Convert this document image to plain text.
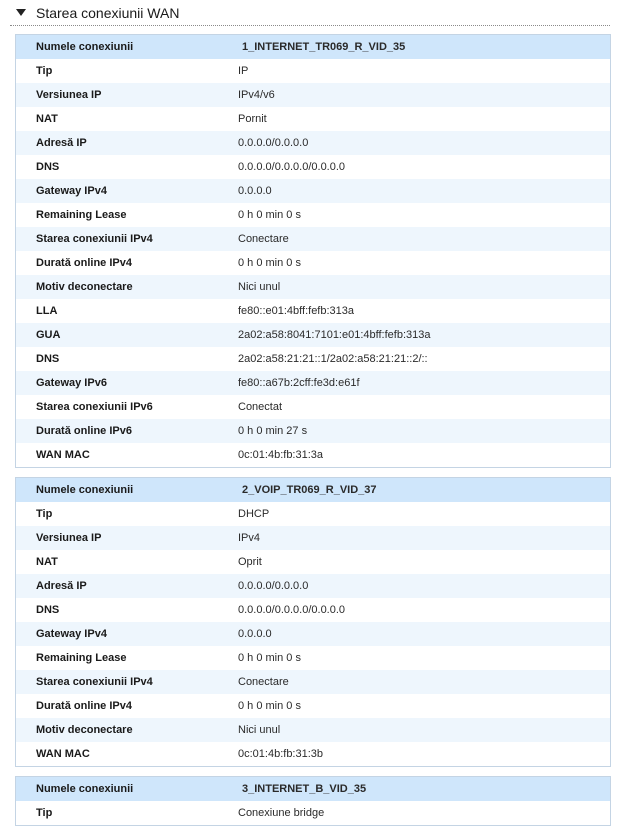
Starea conexiunii WAN
Numele conexiunii	1_INTERNET_TR069_R_VID_35
Tip	IP
Versiunea IP	IPv4/v6
NAT	Pornit
Adresă IP	0.0.0.0/0.0.0.0
DNS	0.0.0.0/0.0.0.0/0.0.0.0
Gateway IPv4	0.0.0.0
Remaining Lease	0 h 0 min 0 s
Starea conexiunii IPv4	Conectare
Durată online IPv4	0 h 0 min 0 s
Motiv deconectare	Nici unul
LLA	fe80::e01:4bff:fefb:313a
GUA	2a02:a58:8041:7101:e01:4bff:fefb:313a
DNS	2a02:a58:21:21::1/2a02:a58:21:21::2/::
Gateway IPv6	fe80::a67b:2cff:fe3d:e61f
Starea conexiunii IPv6	Conectat
Durată online IPv6	0 h 0 min 27 s
WAN MAC	0c:01:4b:fb:31:3a
Numele conexiunii	2_VOIP_TR069_R_VID_37
Tip	DHCP
Versiunea IP	IPv4
NAT	Oprit
Adresă IP	0.0.0.0/0.0.0.0
DNS	0.0.0.0/0.0.0.0/0.0.0.0
Gateway IPv4	0.0.0.0
Remaining Lease	0 h 0 min 0 s
Starea conexiunii IPv4	Conectare
Durată online IPv4	0 h 0 min 0 s
Motiv deconectare	Nici unul
WAN MAC	0c:01:4b:fb:31:3b
Numele conexiunii	3_INTERNET_B_VID_35
Tip	Conexiune bridge
